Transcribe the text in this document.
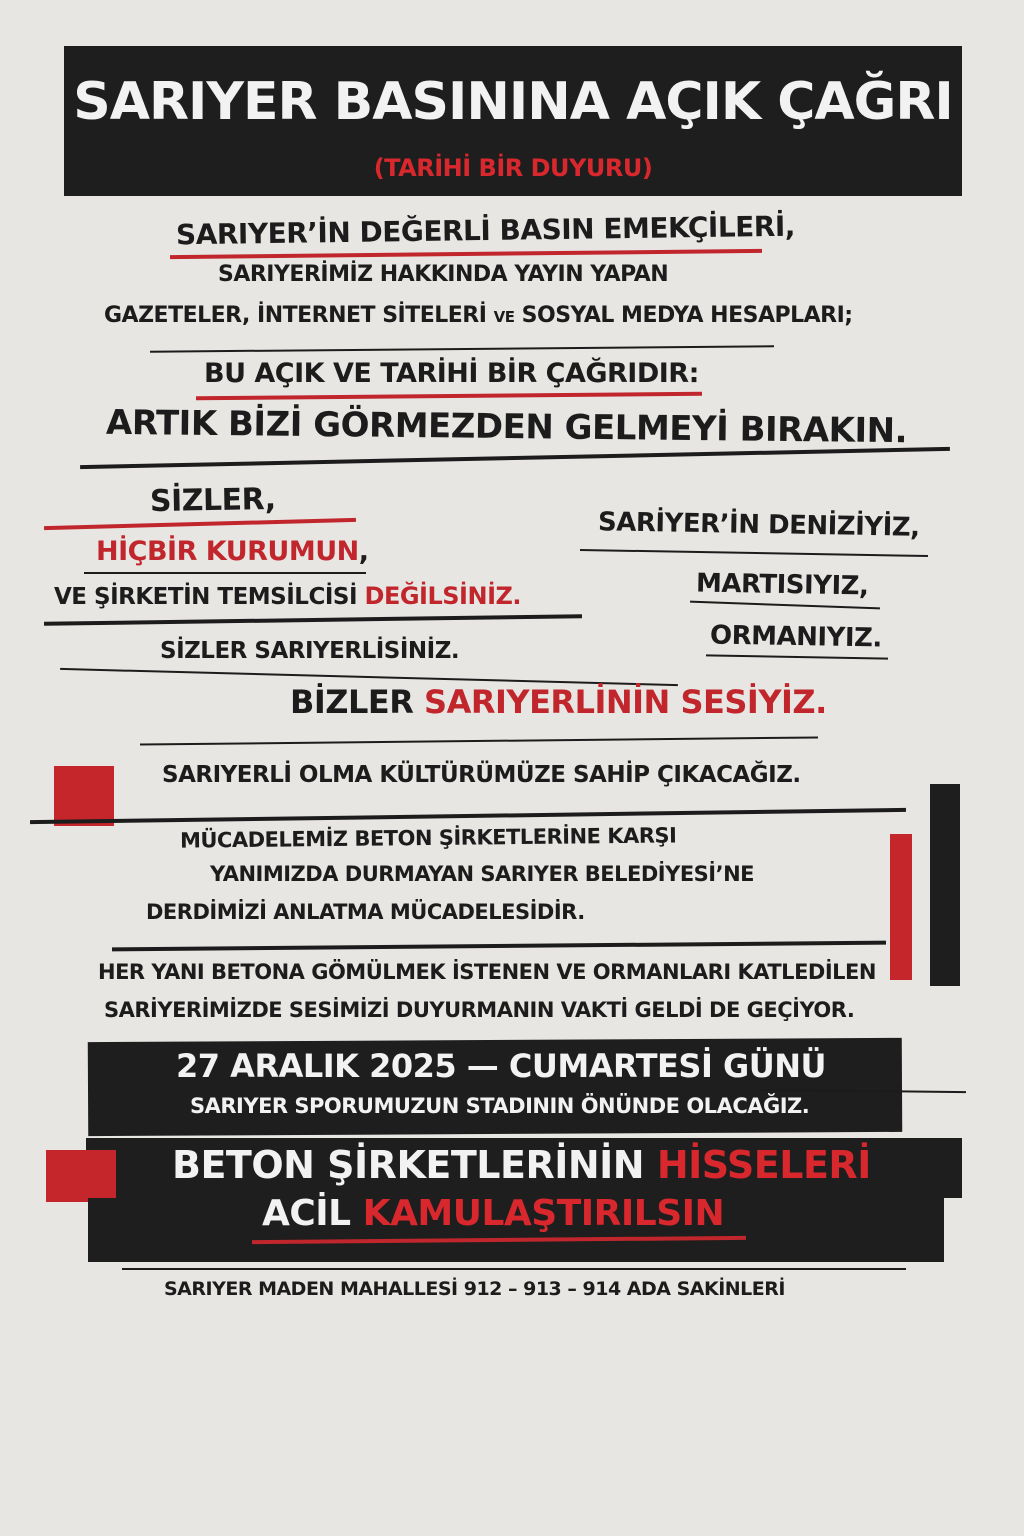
SARIYER BASININA AÇIK ÇAĞRI
(TARİHİ BİR DUYURU)
SARIYER’İN DEĞERLİ BASIN EMEKÇİLERİ,
SARIYERİMİZ HAKKINDA YAYIN YAPAN
GAZETELER, İNTERNET SİTELERİ VE SOSYAL MEDYA HESAPLARI;
BU AÇIK VE TARİHİ BİR ÇAĞRIDIR:
ARTIK BİZİ GÖRMEZDEN GELMEYİ BIRAKIN.
SİZLER,
HİÇBİR KURUMUN,
VE ŞİRKETİN TEMSİLCİSİ DEĞİLSİNİZ.
SİZLER SARIYERLİSİNİZ.
SARİYER’İN DENİZİYİZ,
MARTISIYIZ,
ORMANIYIZ.
BİZLER SARIYERLİNİN SESİYİZ.
SARIYERLİ OLMA KÜLTÜRÜMÜZE SAHİP ÇIKACAĞIZ.
MÜCADELEMİZ BETON ŞİRKETLERİNE KARŞI
YANIMIZDA DURMAYAN SARIYER BELEDİYESİ’NE
DERDİMİZİ ANLATMA MÜCADELESİDİR.
HER YANI BETONA GÖMÜLMEK İSTENEN VE ORMANLARI KATLEDİLEN
SARİYERİMİZDE SESİMİZİ DUYURMANIN VAKTİ GELDİ DE GEÇİYOR.
27 ARALIK 2025 — CUMARTESİ GÜNÜ
SARIYER SPORUMUZUN STADININ ÖNÜNDE OLACAĞIZ.
BETON ŞİRKETLERİNİN HİSSELERİ
ACİL KAMULAŞTIRILSIN
SARIYER MADEN MAHALLESİ 912 – 913 – 914 ADA SAKİNLERİ
